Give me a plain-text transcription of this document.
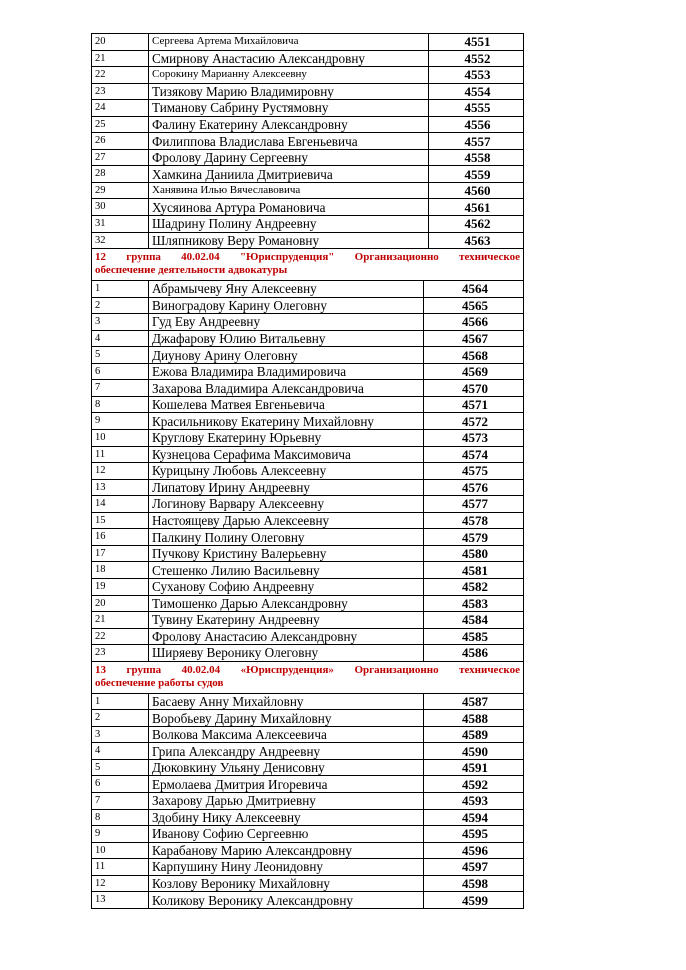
20	Сергеева Артема Михайловича	4551
21	Смирнову Анастасию Александровну	4552
22	Сорокину Марианну Алексеевну	4553
23	Тизякову Марию Владимировну	4554
24	Тиманову Сабрину Рустямовну	4555
25	Фалину Екатерину Александровну	4556
26	Филиппова Владислава Евгеньевича	4557
27	Фролову Дарину Сергеевну	4558
28	Хамкина Даниила Дмитриевича	4559
29	Ханявина Илью Вячеславовича	4560
30	Хусяинова Артура Романовича	4561
31	Шадрину Полину Андреевну	4562
32	Шляпникову Веру Романовну	4563
12 группа 40.02.04 "Юриспруденция" Организационно техническое
обеспечение деятельности адвокатуры
1	Абрамычеву Яну Алексеевну	4564
2	Виноградову Карину Олеговну	4565
3	Гуд Еву Андреевну	4566
4	Джафарову Юлию Витальевну	4567
5	Диунову Арину Олеговну	4568
6	Ежова Владимира Владимировича	4569
7	Захарова Владимира Александровича	4570
8	Кошелева Матвея Евгеньевича	4571
9	Красильникову Екатерину Михайловну	4572
10	Круглову Екатерину Юрьевну	4573
11	Кузнецова Серафима Максимовича	4574
12	Курицыну Любовь Алексеевну	4575
13	Липатову Ирину Андреевну	4576
14	Логинову Варвару Алексеевну	4577
15	Настоящеву Дарью Алексеевну	4578
16	Палкину Полину Олеговну	4579
17	Пучкову Кристину Валерьевну	4580
18	Стешенко Лилию Васильевну	4581
19	Суханову Софию Андреевну	4582
20	Тимошенко Дарью Александровну	4583
21	Тувину Екатерину Андреевну	4584
22	Фролову Анастасию Александровну	4585
23	Ширяеву Веронику Олеговну	4586
13 группа 40.02.04 «Юриспруденция» Организационно техническое
обеспечение работы судов
1	Басаеву Анну Михайловну	4587
2	Воробьеву Дарину Михайловну	4588
3	Волкова Максима Алексеевича	4589
4	Грипа Александру Андреевну	4590
5	Дюковкину Ульяну Денисовну	4591
6	Ермолаева Дмитрия Игоревича	4592
7	Захарову Дарью Дмитриевну	4593
8	Здобину Нику Алексеевну	4594
9	Иванову Софию Сергеевню	4595
10	Карабанову Марию Александровну	4596
11	Карпушину Нину Леонидовну	4597
12	Козлову Веронику Михайловну	4598
13	Коликову Веронику Александровну	4599
